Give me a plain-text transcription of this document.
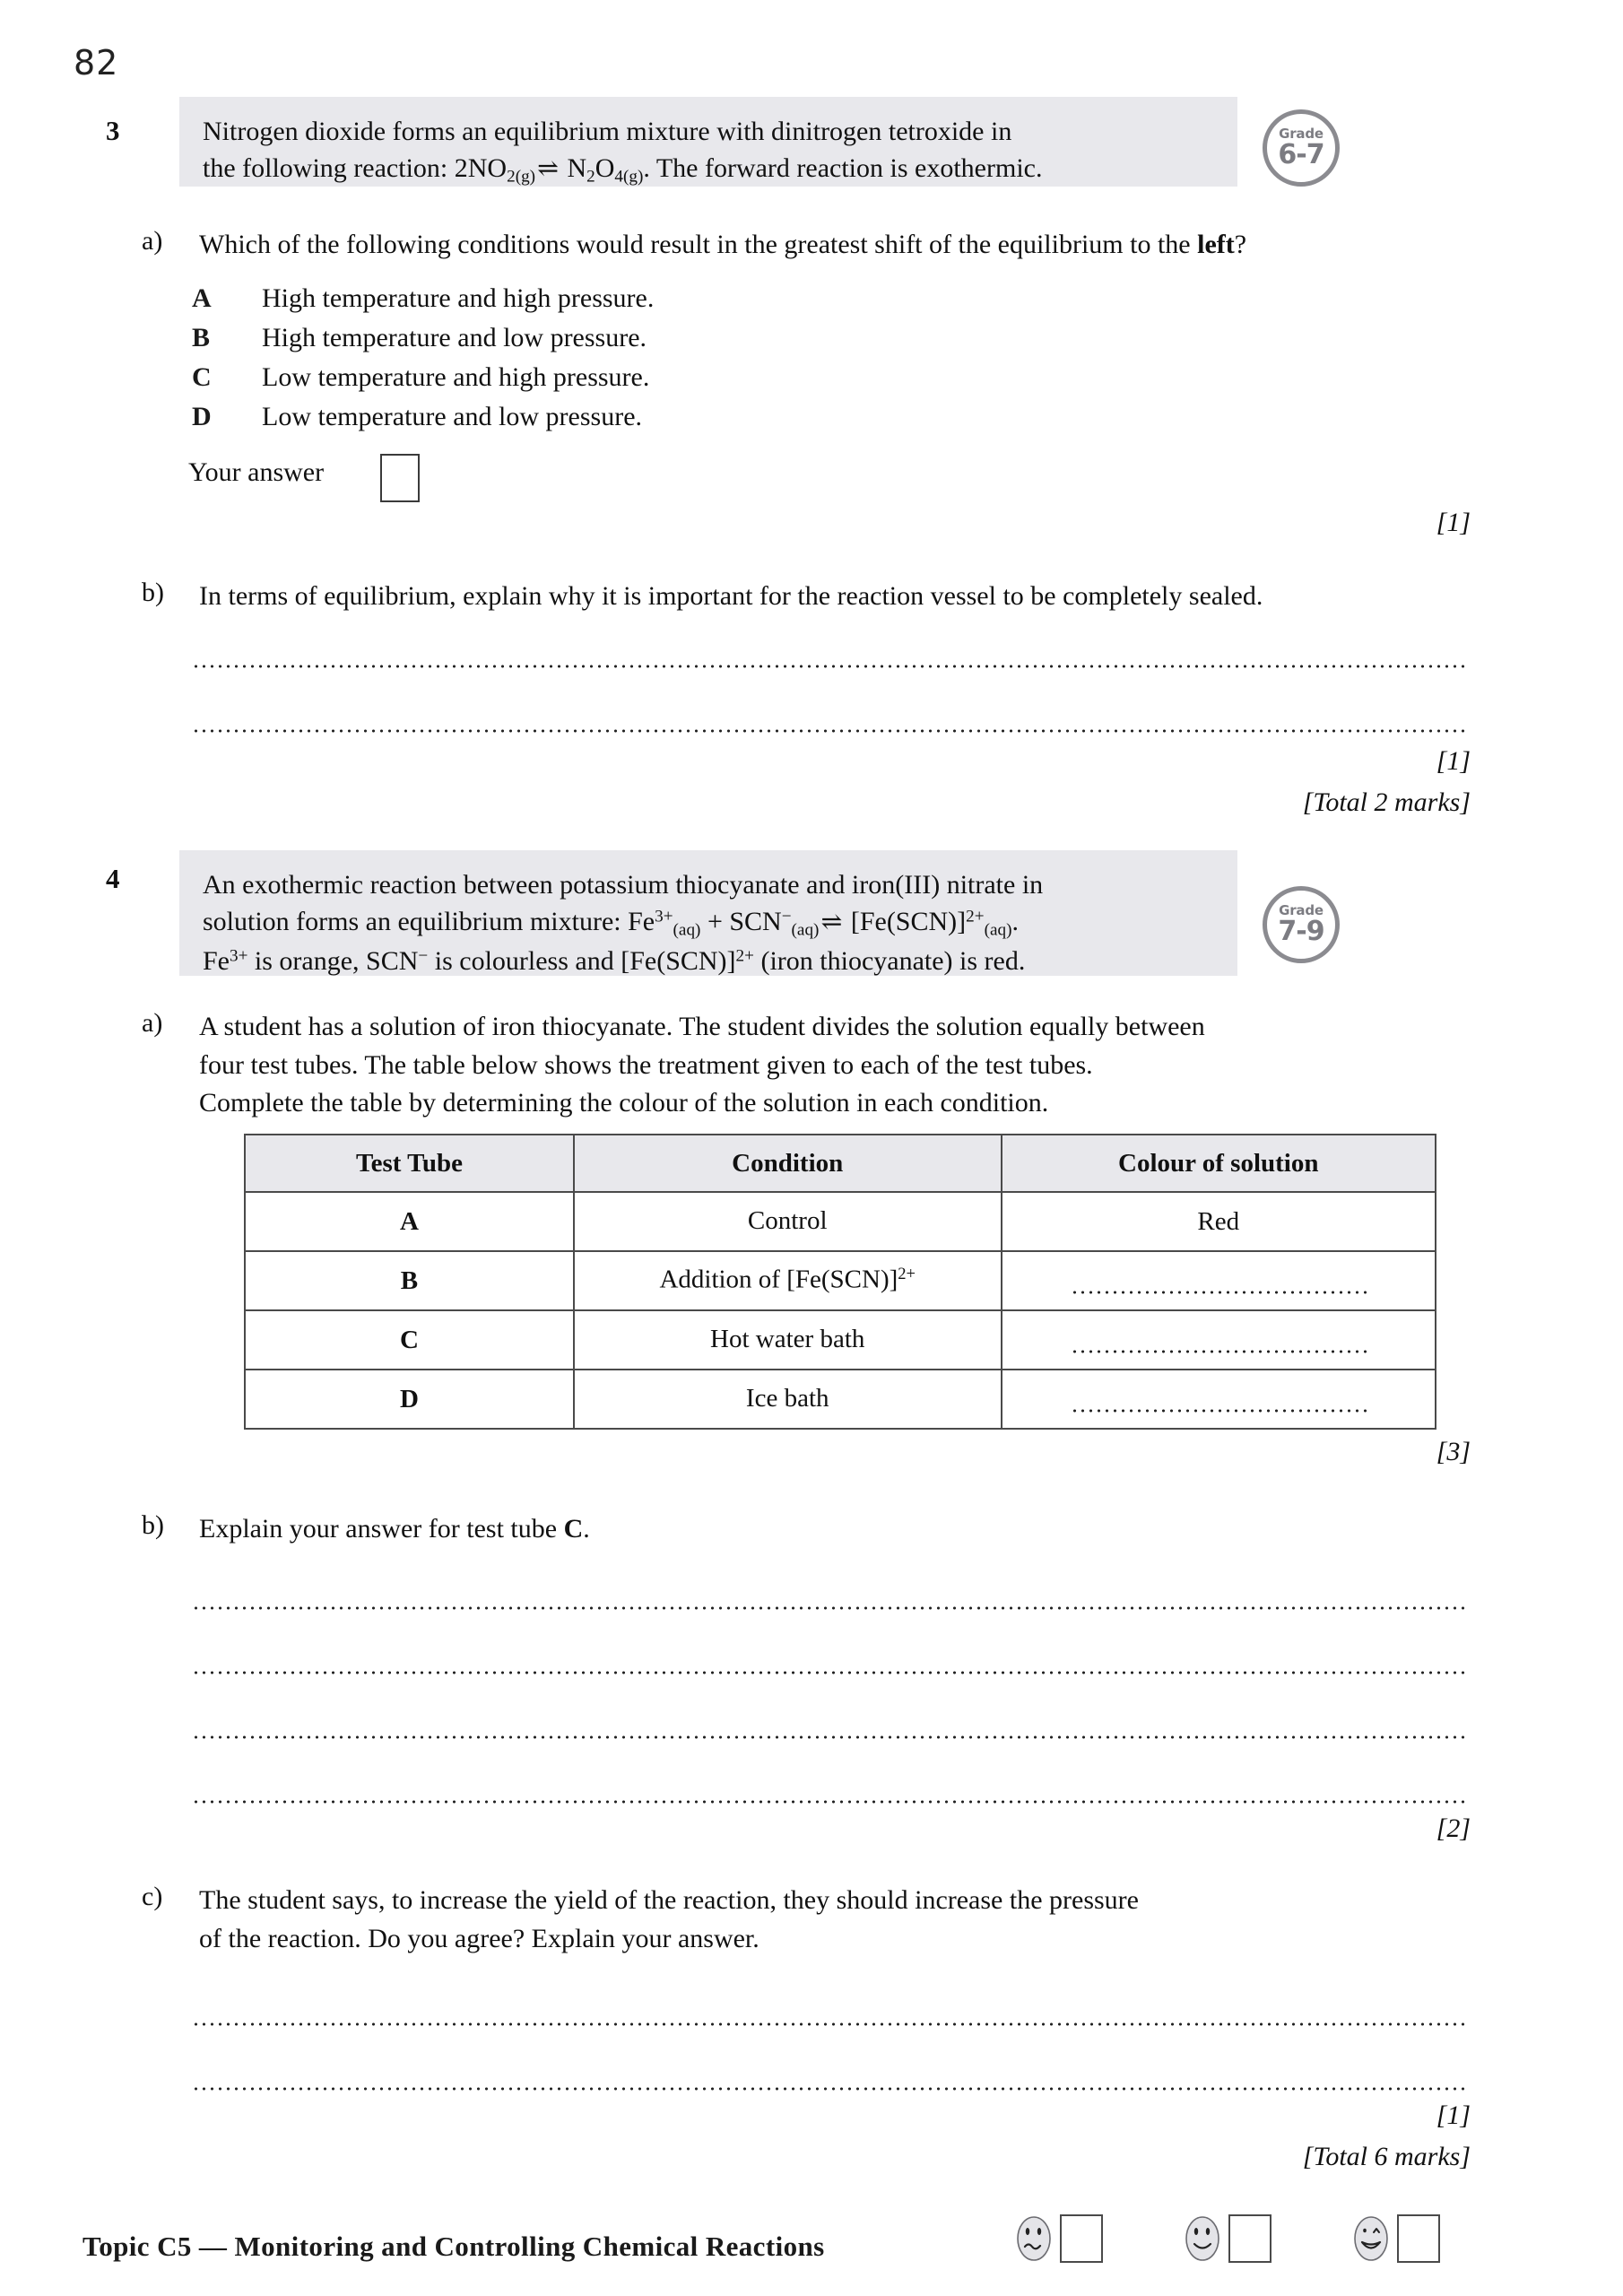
82
3	Nitrogen dioxide forms an equilibrium mixture with dinitrogen tetroxide in

the following reaction: $2NO_{2(g)}\rightleftharpoons$ $N_2O_{4(g)}$. The forward reaction is exothermic.

Grade
6-7
a) Which of the following conditions would result in the greatest shift of the equilibrium to the left?
A High temperature and high pressure.
B High temperature and low pressure.
C Low temperature and high pressure.
D Low temperature and low pressure.
Your answer
[1]
b) In terms of equilibrium, explain why it is important for the reaction vessel to be completely sealed.
[1]
[Total 2 marks]
4	An exothermic reaction between potassium thiocyanate and iron(III) nitrate in

solution forms an equilibrium mixture: $Fe^{3+}_{(aq)}$ + $SCN^-_{(aq)}\rightleftharpoons$ $[Fe(SCN)]^{2+}_{(aq)}$.

$Fe^{3+}$ is orange, SCN− is colourless and $[Fe(SCN)]^{2+}$ (iron thiocyanate) is red.

Grade
7-9
a) A student has a solution of iron thiocyanate. The student divides the solution equally between
four test tubes. The table below shows the treatment given to each of the test tubes.
Complete the table by determining the colour of the solution in each condition.
Test Tube	Condition	Colour of solution
A	Control	Red
B	Addition of $[Fe(SCN)]^{2+}$

C	Hot water bath	

D	Ice bath	

[3]
b) Explain your answer for test tube C.
[2]
c) The student says, to increase the yield of the reaction, they should increase the pressure
of the reaction. Do you agree? Explain your answer.
[1]
[Total 6 marks]
Topic C5 — Monitoring and Controlling Chemical Reactions
